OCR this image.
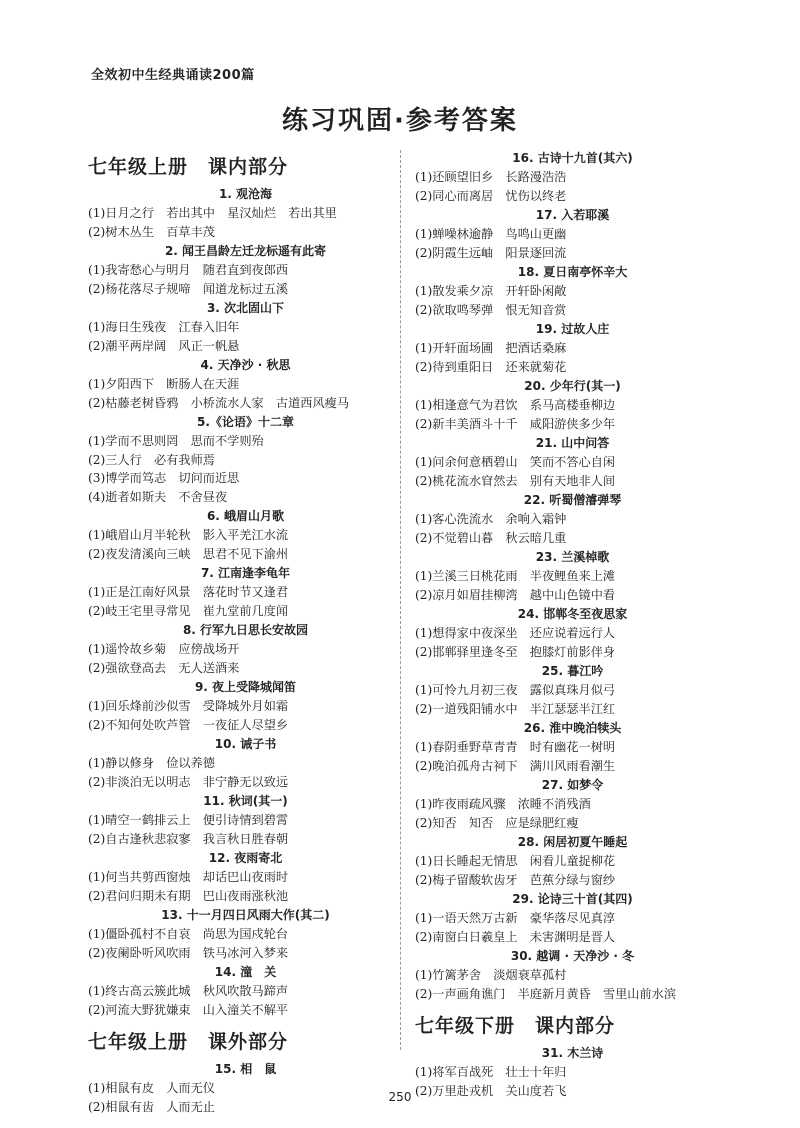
全效初中生经典诵读200篇
练习巩固·参考答案
七年级上册　课内部分
1. 观沧海
(1)日月之行　若出其中　星汉灿烂　若出其里
(2)树木丛生　百草丰茂
2. 闻王昌龄左迁龙标遥有此寄
(1)我寄愁心与明月　随君直到夜郎西
(2)杨花落尽子规啼　闻道龙标过五溪
3. 次北固山下
(1)海日生残夜　江春入旧年
(2)潮平两岸阔　风正一帆悬
4. 天净沙 · 秋思
(1)夕阳西下　断肠人在天涯
(2)枯藤老树昏鸦　小桥流水人家　古道西风瘦马
5.《论语》十二章
(1)学而不思则罔　思而不学则殆
(2)三人行　必有我师焉
(3)博学而笃志　切问而近思
(4)逝者如斯夫　不舍昼夜
6. 峨眉山月歌
(1)峨眉山月半轮秋　影入平羌江水流
(2)夜发清溪向三峡　思君不见下渝州
7. 江南逢李龟年
(1)正是江南好风景　落花时节又逢君
(2)岐王宅里寻常见　崔九堂前几度闻
8. 行军九日思长安故园
(1)遥怜故乡菊　应傍战场开
(2)强欲登高去　无人送酒来
9. 夜上受降城闻笛
(1)回乐烽前沙似雪　受降城外月如霜
(2)不知何处吹芦管　一夜征人尽望乡
10. 诫子书
(1)静以修身　俭以养德
(2)非淡泊无以明志　非宁静无以致远
11. 秋词(其一)
(1)晴空一鹤排云上　便引诗情到碧霄
(2)自古逢秋悲寂寥　我言秋日胜春朝
12. 夜雨寄北
(1)何当共剪西窗烛　却话巴山夜雨时
(2)君问归期未有期　巴山夜雨涨秋池
13. 十一月四日风雨大作(其二)
(1)僵卧孤村不自哀　尚思为国戍轮台
(2)夜阑卧听风吹雨　铁马冰河入梦来
14. 潼　关
(1)终古高云簇此城　秋风吹散马蹄声
(2)河流大野犹嫌束　山入潼关不解平
七年级上册　课外部分
15. 相　鼠
(1)相鼠有皮　人而无仪
(2)相鼠有齿　人而无止
16. 古诗十九首(其六)
(1)还顾望旧乡　长路漫浩浩
(2)同心而离居　忧伤以终老
17. 入若耶溪
(1)蝉噪林逾静　鸟鸣山更幽
(2)阴霞生远岫　阳景逐回流
18. 夏日南亭怀辛大
(1)散发乘夕凉　开轩卧闲敞
(2)欲取鸣琴弹　恨无知音赏
19. 过故人庄
(1)开轩面场圃　把酒话桑麻
(2)待到重阳日　还来就菊花
20. 少年行(其一)
(1)相逢意气为君饮　系马高楼垂柳边
(2)新丰美酒斗十千　咸阳游侠多少年
21. 山中问答
(1)问余何意栖碧山　笑而不答心自闲
(2)桃花流水窅然去　别有天地非人间
22. 听蜀僧濬弹琴
(1)客心洗流水　余响入霜钟
(2)不觉碧山暮　秋云暗几重
23. 兰溪棹歌
(1)兰溪三日桃花雨　半夜鲤鱼来上滩
(2)凉月如眉挂柳湾　越中山色镜中看
24. 邯郸冬至夜思家
(1)想得家中夜深坐　还应说着远行人
(2)邯郸驿里逢冬至　抱膝灯前影伴身
25. 暮江吟
(1)可怜九月初三夜　露似真珠月似弓
(2)一道残阳铺水中　半江瑟瑟半江红
26. 淮中晚泊犊头
(1)春阴垂野草青青　时有幽花一树明
(2)晚泊孤舟古祠下　满川风雨看潮生
27. 如梦令
(1)昨夜雨疏风骤　浓睡不消残酒
(2)知否　知否　应是绿肥红瘦
28. 闲居初夏午睡起
(1)日长睡起无情思　闲看儿童捉柳花
(2)梅子留酸软齿牙　芭蕉分绿与窗纱
29. 论诗三十首(其四)
(1)一语天然万古新　豪华落尽见真淳
(2)南窗白日羲皇上　未害渊明是晋人
30. 越调 · 天净沙 · 冬
(1)竹篱茅舍　淡烟衰草孤村
(2)一声画角谯门　半庭新月黄昏　雪里山前水滨
七年级下册　课内部分
31. 木兰诗
(1)将军百战死　壮士十年归
(2)万里赴戎机　关山度若飞
250
